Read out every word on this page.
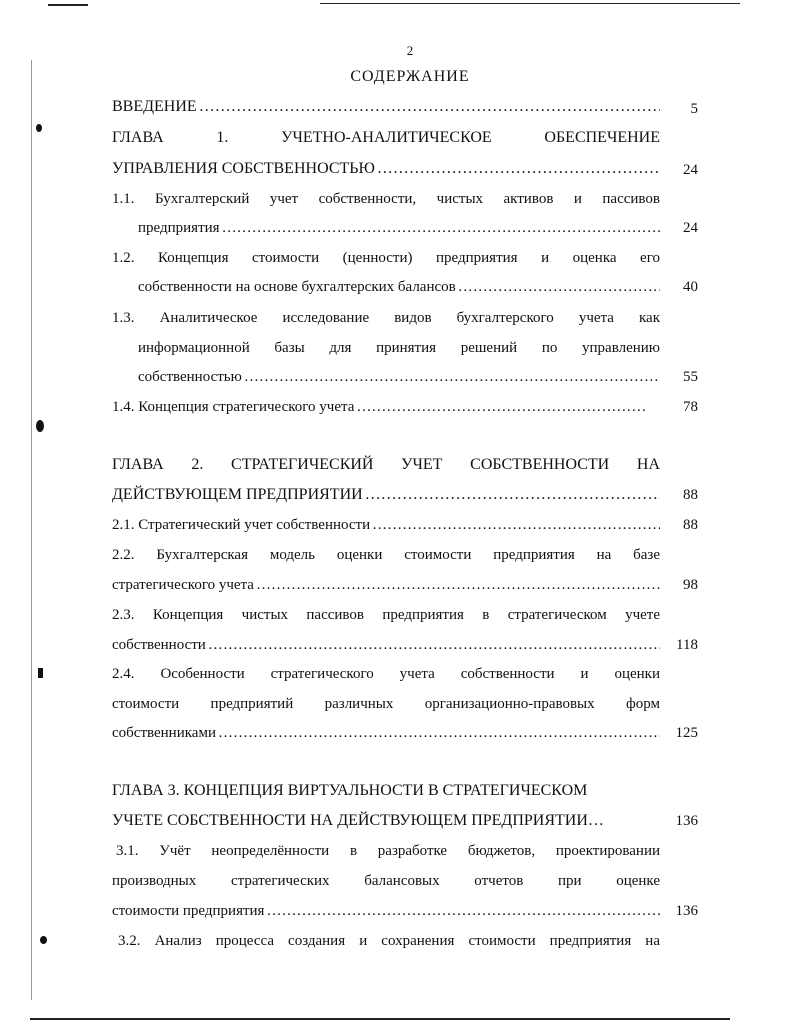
2
СОДЕРЖАНИЕ
ВВЕДЕНИЕ ………………………………………………………………………………………………………………………………………………………………	5
ГЛАВА 1. УЧЕТНО-АНАЛИТИЧЕСКОЕ ОБЕСПЕЧЕНИЕ
УПРАВЛЕНИЯ СОБСТВЕННОСТЬЮ ………………………………………………………………………………………………………………………………………………………………	24
1.1. Бухгалтерский учет собственности, чистых активов и пассивов
предприятия ………………………………………………………………………………………………………………………………………………………………	24
1.2. Концепция стоимости (ценности) предприятия и оценка его
собственности на основе бухгалтерских балансов ………………………………………………………………………………………………………………………………………………………………	40
1.3. Аналитическое исследование видов бухгалтерского учета как
информационной базы для принятия решений по управлению
собственностью ………………………………………………………………………………………………………………………………………………………………	55
1.4. Концепция стратегического учета ………………………………………………………………………………………………………………………………………………………………	78
ГЛАВА 2. СТРАТЕГИЧЕСКИЙ УЧЕТ СОБСТВЕННОСТИ НА
ДЕЙСТВУЮЩЕМ ПРЕДПРИЯТИИ ………………………………………………………………………………………………………………………………………………………………	88
2.1. Стратегический учет собственности ………………………………………………………………………………………………………………………………………………………………	88
2.2. Бухгалтерская модель оценки стоимости предприятия на базе
стратегического учета ………………………………………………………………………………………………………………………………………………………………	98
2.3. Концепция чистых пассивов предприятия в стратегическом учете
собственности ………………………………………………………………………………………………………………………………………………………………	118
2.4. Особенности стратегического учета собственности и оценки
стоимости предприятий различных организационно-правовых форм
собственниками ………………………………………………………………………………………………………………………………………………………………	125
ГЛАВА 3. КОНЦЕПЦИЯ ВИРТУАЛЬНОСТИ В СТРАТЕГИЧЕСКОМ
УЧЕТЕ СОБСТВЕННОСТИ НА ДЕЙСТВУЮЩЕМ ПРЕДПРИЯТИИ…	136
3.1. Учёт неопределённости в разработке бюджетов, проектировании
производных стратегических балансовых отчетов при оценке
стоимости предприятия ………………………………………………………………………………………………………………………………………………………………	136
3.2. Анализ процесса создания и сохранения стоимости предприятия на
